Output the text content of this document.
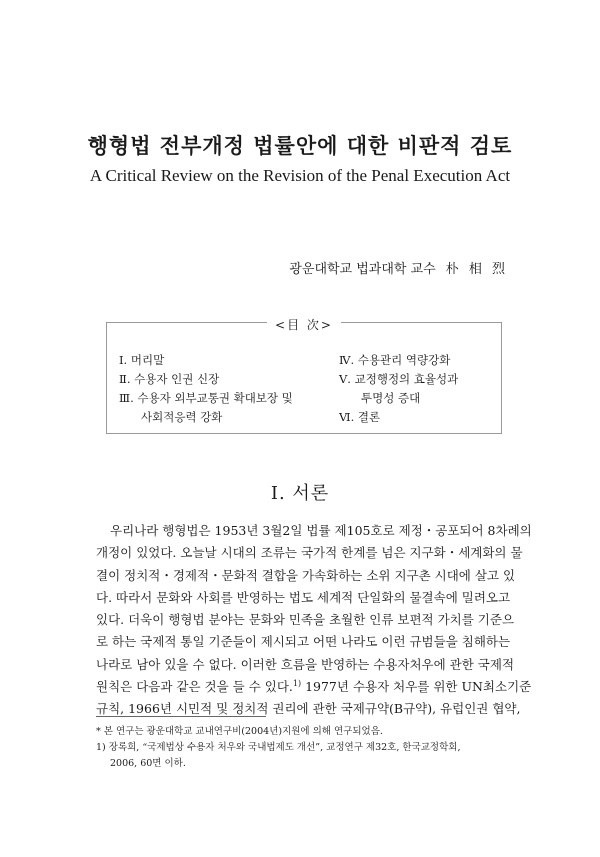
행형법 전부개정 법률안에 대한 비판적 검토
A Critical Review on the Revision of the Penal Execution Act
광운대학교 법과대학 교수 朴 相 烈
<目 次>
Ⅰ. 머리말
Ⅱ. 수용자 인권 신장
Ⅲ. 수용자 외부교통권 확대보장 및
사회적응력 강화
Ⅳ. 수용관리 역량강화
Ⅴ. 교정행정의 효율성과
투명성 증대
Ⅵ. 결론
Ⅰ. 서론
우리나라 행형법은 1953년 3월2일 법률 제105호로 제정・공포되어 8차례의
개정이 있었다. 오늘날 시대의 조류는 국가적 한계를 넘은 지구화・세계화의 물
결이 정치적・경제적・문화적 결합을 가속화하는 소위 지구촌 시대에 살고 있
다. 따라서 문화와 사회를 반영하는 법도 세계적 단일화의 물결속에 밀려오고
있다. 더욱이 행형법 분야는 문화와 민족을 초월한 인류 보편적 가치를 기준으
로 하는 국제적 통일 기준들이 제시되고 어떤 나라도 이런 규범들을 침해하는
나라로 남아 있을 수 없다. 이러한 흐름을 반영하는 수용자처우에 관한 국제적
원칙은 다음과 같은 것을 들 수 있다.$^{1)}$ 1977년 수용자 처우를 위한 UN최소기준
규칙, 1966년 시민적 및 정치적 권리에 관한 국제규약(B규약), 유럽인권 협약,
* 본 연구는 광운대학교 교내연구비(2004년)지원에 의해 연구되었음.
1) 장록희, “국제법상 수용자 처우와 국내법제도 개선”, 교정연구 제32호, 한국교정학회,
2006, 60면 이하.
